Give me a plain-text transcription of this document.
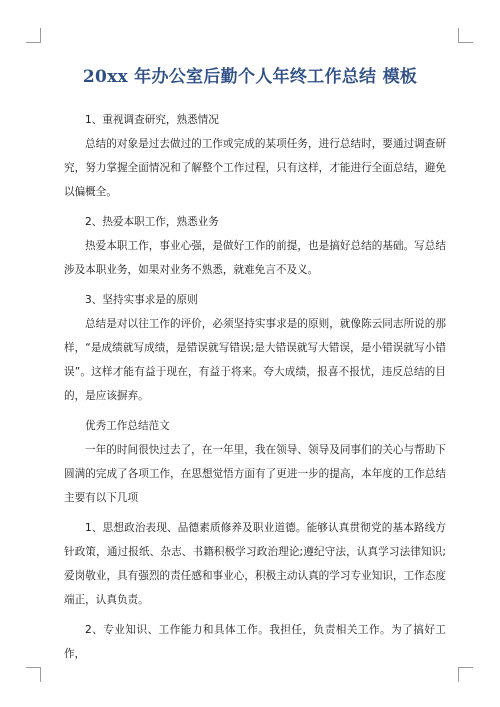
20xx 年办公室后勤个人年终工作总结 模板

1、重视调查研究，熟悉情况

总结的对象是过去做过的工作或完成的某项任务，进行总结时，要通过调查研究，努力掌握全面情况和了解整个工作过程，只有这样，才能进行全面总结，避免以偏概全。

2、热爱本职工作，熟悉业务

热爱本职工作，事业心强，是做好工作的前提，也是搞好总结的基础。写总结涉及本职业务，如果对业务不熟悉，就难免言不及义。

3、坚持实事求是的原则

总结是对以往工作的评价，必须坚持实事求是的原则，就像陈云同志所说的那样，“是成绩就写成绩，是错误就写错误;是大错误就写大错误，是小错误就写小错误”。这样才能有益于现在，有益于将来。夸大成绩，报喜不报忧，违反总结的目的，是应该摒弃。

优秀工作总结范文

一年的时间很快过去了，在一年里，我在领导、领导及同事们的关心与帮助下圆满的完成了各项工作，在思想觉悟方面有了更进一步的提高，本年度的工作总结主要有以下几项

1、思想政治表现、品德素质修养及职业道德。能够认真贯彻党的基本路线方针政策，通过报纸、杂志、书籍积极学习政治理论;遵纪守法，认真学习法律知识;爱岗敬业，具有强烈的责任感和事业心，积极主动认真的学习专业知识，工作态度端正，认真负责。

2、专业知识、工作能力和具体工作。我担任，负责相关工作。为了搞好工作，
